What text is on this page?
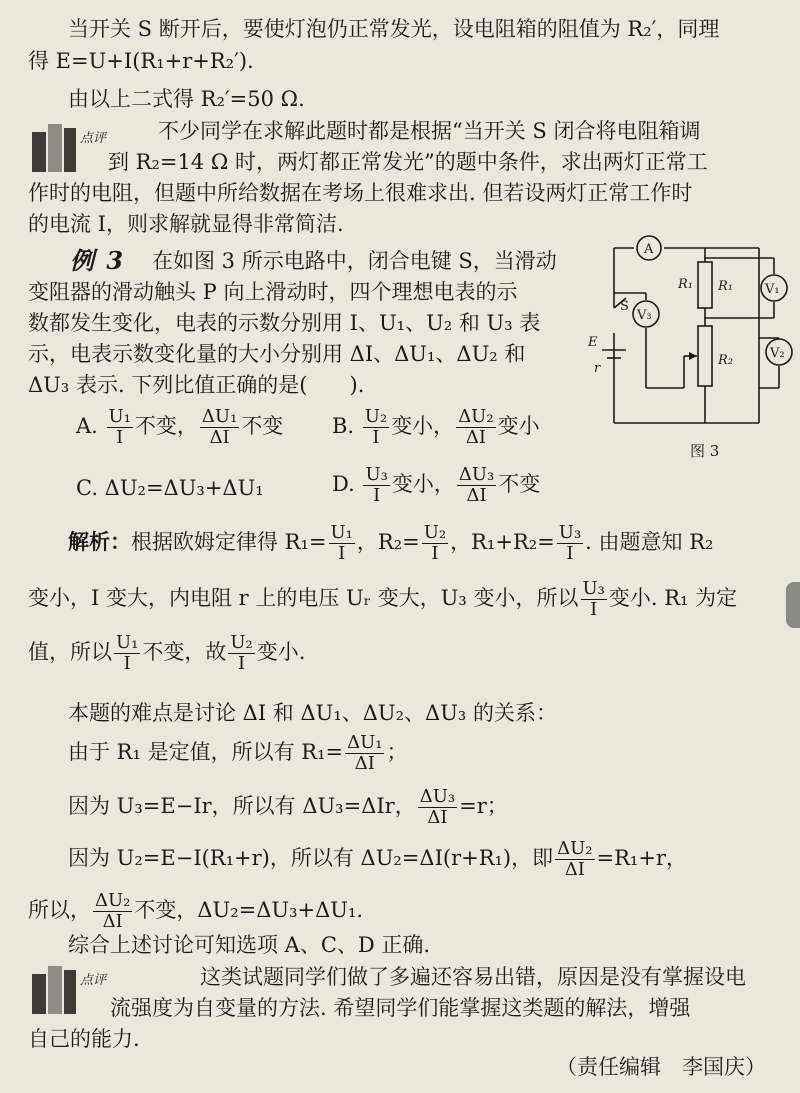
当开关 S 断开后，要使灯泡仍正常发光，设电阻箱的阻值为 R₂′，同理
得 E=U+I(R₁+r+R₂′).
由以上二式得 R₂′=50 Ω.
点评 不少同学在求解此题时都是根据“当开关 S 闭合将电阻箱调
到 R₂=14 Ω 时，两灯都正常发光”的题中条件，求出两灯正常工
作时的电阻，但题中所给数据在考场上很难求出. 但若设两灯正常工作时
的电流 I，则求解就显得非常简洁.
例 3 在如图 3 所示电路中，闭合电键 S，当滑动
变阻器的滑动触头 P 向上滑动时，四个理想电表的示
数都发生变化，电表的示数分别用 I、U₁、U₂ 和 U₃ 表
示，电表示数变化量的大小分别用 ΔI、ΔU₁、ΔU₂ 和
ΔU₃ 表示. 下列比值正确的是(　　).
A. $\frac{\text{U₁}}{I}$ 不变， $\frac{\text{ΔU₁}}{\Delta I}$ 不变 B. $\frac{\text{U₂}}{I}$ 变小， $\frac{\text{ΔU₂}}{\Delta I}$ 变小
C. ΔU₂=ΔU₃+ΔU₁	D. $\frac{\text{U₃}}{I}$ 变小， $\frac{\text{ΔU₃}}{\Delta I}$ 不变
解析：根据欧姆定律得 $R_1= \frac{\text{U₁}}{I}$ ，$R_2= \frac{\text{U₂}}{I}$ ，$R_1+R_2= \frac{\text{U₃}}{I}$ . 由题意知 R₂
变小，I 变大，内电阻 r 上的电压 Uᵣ 变大，U₃ 变小，所以 $\frac{\text{U₃}}{I}$ 变小. R₁ 为定
值，所以 $\frac{\text{U₁}}{I}$ 不变，故 $\frac{\text{U₂}}{I}$ 变小.
本题的难点是讨论 ΔI 和 ΔU₁、ΔU₂、ΔU₃ 的关系：
由于 R₁ 是定值，所以有 $R_1= \frac{\text{ΔU₁}}{\Delta I}$ ；
因为 U₃=E−Ir，所以有 ΔU₃=ΔIr， $\frac{\text{ΔU₃}}{\Delta I} =r$；
因为 U₂=E−I(R₁+r)，所以有 ΔU₂=ΔI(r+R₁)，即 $\frac{\text{ΔU₂}}{\Delta I} =R_1+r$，
所以， $\frac{\text{ΔU₂}}{\Delta I}$ 不变，ΔU₂=ΔU₃+ΔU₁.
综合上述讨论可知选项 A、C、D 正确.
点评	这类试题同学们做了多遍还容易出错，原因是没有掌握设电
流强度为自变量的方法. 希望同学们能掌握这类题的解法，增强
自己的能力.
（责任编辑　李国庆）
A
V₁
V₂
V₃
R₁ R₁
R₂
S
E
r
图 3
